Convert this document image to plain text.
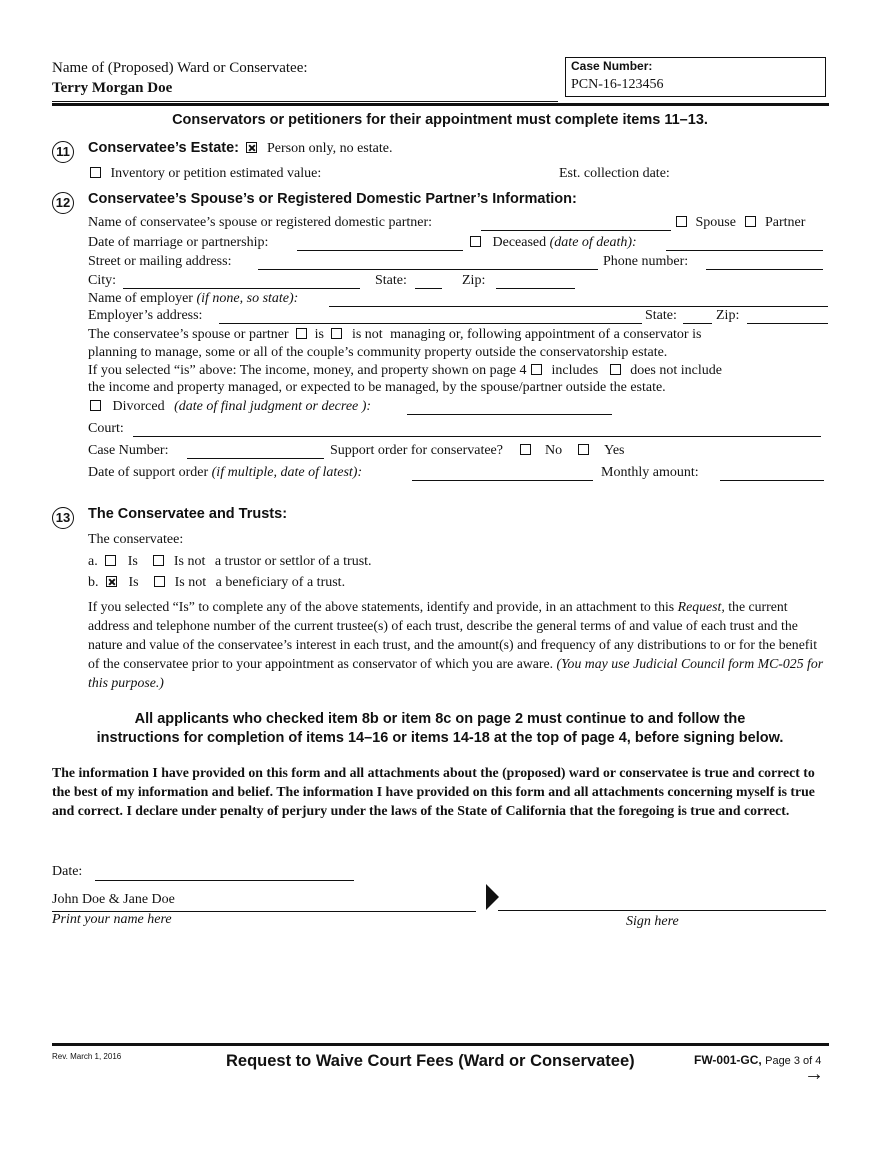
Name of (Proposed) Ward or Conservatee:
Terry Morgan Doe
Case Number:
PCN-16-123456
Conservators or petitioners for their appointment must complete items 11–13.
11 Conservatee’s Estate: Person only, no estate.
Inventory or petition estimated value:	Est. collection date:
12 Conservatee’s Spouse’s or Registered Domestic Partner’s Information:
Name of conservatee’s spouse or registered domestic partner:	Spouse Partner
Date of marriage or partnership:	Deceased (date of death):
Street or mailing address:	Phone number:
City:	State:	Zip:
Name of employer (if none, so state):
Employer’s address:	State:	Zip:
The conservatee’s spouse or partner is is not managing or, following appointment of a conservator is
planning to manage, some or all of the couple’s community property outside the conservatorship estate.
If you selected “is” above: The income, money, and property shown on page 4 includes does not include
the income and property managed, or expected to be managed, by the spouse/partner outside the estate.
Divorced (date of final judgment or decree ):
Court:
Case Number:	Support order for conservatee?	No	Yes
Date of support order (if multiple, date of latest):	Monthly amount:
13 The Conservatee and Trusts:
The conservatee:
a. Is	Is not a trustor or settlor of a trust.
b. Is	Is not a beneficiary of a trust.
If you selected “Is” to complete any of the above statements, identify and provide, in an attachment to this Request, the current address and telephone number of the current trustee(s) of each trust, describe the general terms of and value of each trust and the nature and value of the conservatee’s interest in each trust, and the amount(s) and frequency of any distributions to or for the benefit of the conservatee prior to your appointment as conservator of which you are aware. (You may use Judicial Council form MC-025 for this purpose.)
All applicants who checked item 8b or item 8c on page 2 must continue to and follow the
instructions for completion of items 14–16 or items 14-18 at the top of page 4, before signing below.
The information I have provided on this form and all attachments about the (proposed) ward or conservatee is true and correct to the best of my information and belief. The information I have provided on this form and all attachments concerning myself is true and correct. I declare under penalty of perjury under the laws of the State of California that the foregoing is true and correct.
Date:
John Doe & Jane Doe
Print your name here	Sign here
Rev. March 1, 2016	Request to Waive Court Fees (Ward or Conservatee)	FW-001-GC, Page 3 of 4
→
